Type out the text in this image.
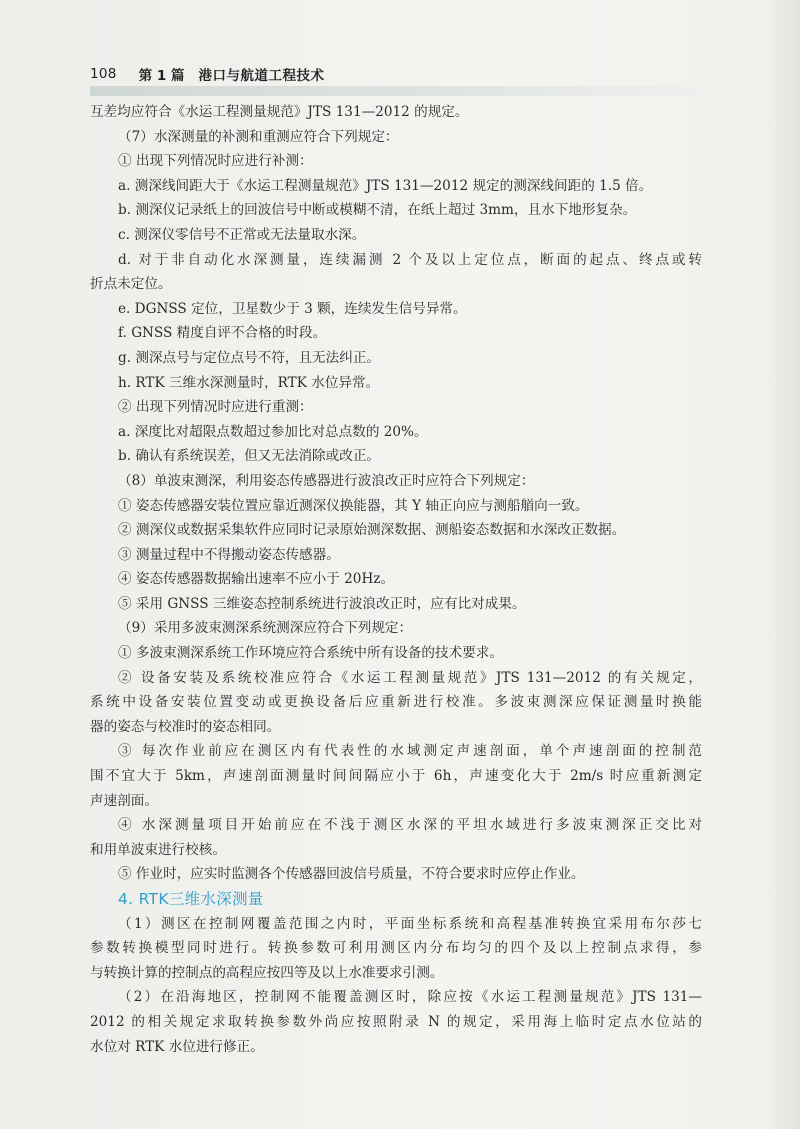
108 第 1 篇 港口与航道工程技术
互差均应符合《水运工程测量规范》JTS 131—2012 的规定。
（7）水深测量的补测和重测应符合下列规定：
① 出现下列情况时应进行补测：
a. 测深线间距大于《水运工程测量规范》JTS 131—2012 规定的测深线间距的 1.5 倍。
b. 测深仪记录纸上的回波信号中断或模糊不清，在纸上超过 3mm，且水下地形复杂。
c. 测深仪零信号不正常或无法量取水深。
d. 对于非自动化水深测量，连续漏测 2 个及以上定位点，断面的起点、终点或转
折点未定位。
e. DGNSS 定位，卫星数少于 3 颗，连续发生信号异常。
f. GNSS 精度自评不合格的时段。
g. 测深点号与定位点号不符，且无法纠正。
h. RTK 三维水深测量时，RTK 水位异常。
② 出现下列情况时应进行重测：
a. 深度比对超限点数超过参加比对总点数的 20%。
b. 确认有系统误差，但又无法消除或改正。
（8）单波束测深，利用姿态传感器进行波浪改正时应符合下列规定：
① 姿态传感器安装位置应靠近测深仪换能器，其 Y 轴正向应与测船艏向一致。
② 测深仪或数据采集软件应同时记录原始测深数据、测船姿态数据和水深改正数据。
③ 测量过程中不得搬动姿态传感器。
④ 姿态传感器数据输出速率不应小于 20Hz。
⑤ 采用 GNSS 三维姿态控制系统进行波浪改正时，应有比对成果。
（9）采用多波束测深系统测深应符合下列规定：
① 多波束测深系统工作环境应符合系统中所有设备的技术要求。
② 设备安装及系统校准应符合《水运工程测量规范》JTS 131—2012 的有关规定，
系统中设备安装位置变动或更换设备后应重新进行校准。多波束测深应保证测量时换能
器的姿态与校准时的姿态相同。
③ 每次作业前应在测区内有代表性的水域测定声速剖面，单个声速剖面的控制范
围不宜大于 5km，声速剖面测量时间间隔应小于 6h，声速变化大于 2m/s 时应重新测定
声速剖面。
④ 水深测量项目开始前应在不浅于测区水深的平坦水域进行多波束测深正交比对
和用单波束进行校核。
⑤ 作业时，应实时监测各个传感器回波信号质量，不符合要求时应停止作业。
4. RTK三维水深测量
（1）测区在控制网覆盖范围之内时，平面坐标系统和高程基准转换宜采用布尔莎七
参数转换模型同时进行。转换参数可利用测区内分布均匀的四个及以上控制点求得，参
与转换计算的控制点的高程应按四等及以上水准要求引测。
（2）在沿海地区，控制网不能覆盖测区时，除应按《水运工程测量规范》JTS 131—
2012 的相关规定求取转换参数外尚应按照附录 N 的规定，采用海上临时定点水位站的
水位对 RTK 水位进行修正。
